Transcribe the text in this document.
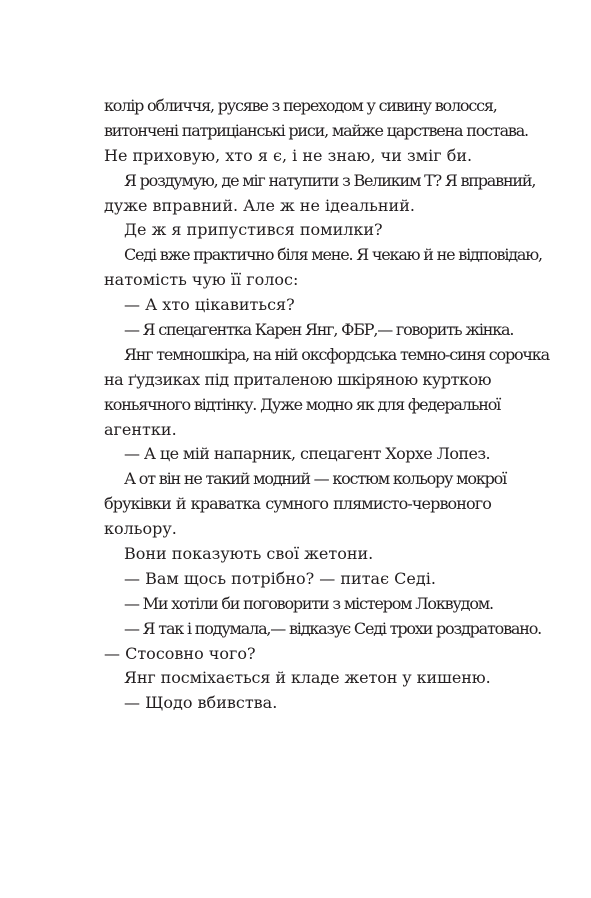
колір обличчя, русяве з переходом у сивину волосся,
витончені патриціанські риси, майже царствена постава.
Не приховую, хто я є, і не знаю, чи зміг би.
Я роздумую, де міг натупити з Великим Т? Я вправний,
дуже вправний. Але ж не ідеальний.
Де ж я припустився помилки?
Седі вже практично біля мене. Я чекаю й не відповідаю,
натомість чую її голос:
— А хто цікавиться?
— Я спецагентка Карен Янг, ФБР,— говорить жінка.
Янг темношкіра, на ній оксфордська темно-синя сорочка
на ґудзиках під приталеною шкіряною курткою
коньячного відтінку. Дуже модно як для федеральної
агентки.
— А це мій напарник, спецагент Хорхе Лопез.
А от він не такий модний — костюм кольору мокрої
бруківки й краватка сумного плямисто-червоного
кольору.
Вони показують свої жетони.
— Вам щось потрібно? — питає Седі.
— Ми хотіли би поговорити з містером Локвудом.
— Я так і подумала,— відказує Седі трохи роздратовано.
— Стосовно чого?
Янг посміхається й кладе жетон у кишеню.
— Щодо вбивства.
